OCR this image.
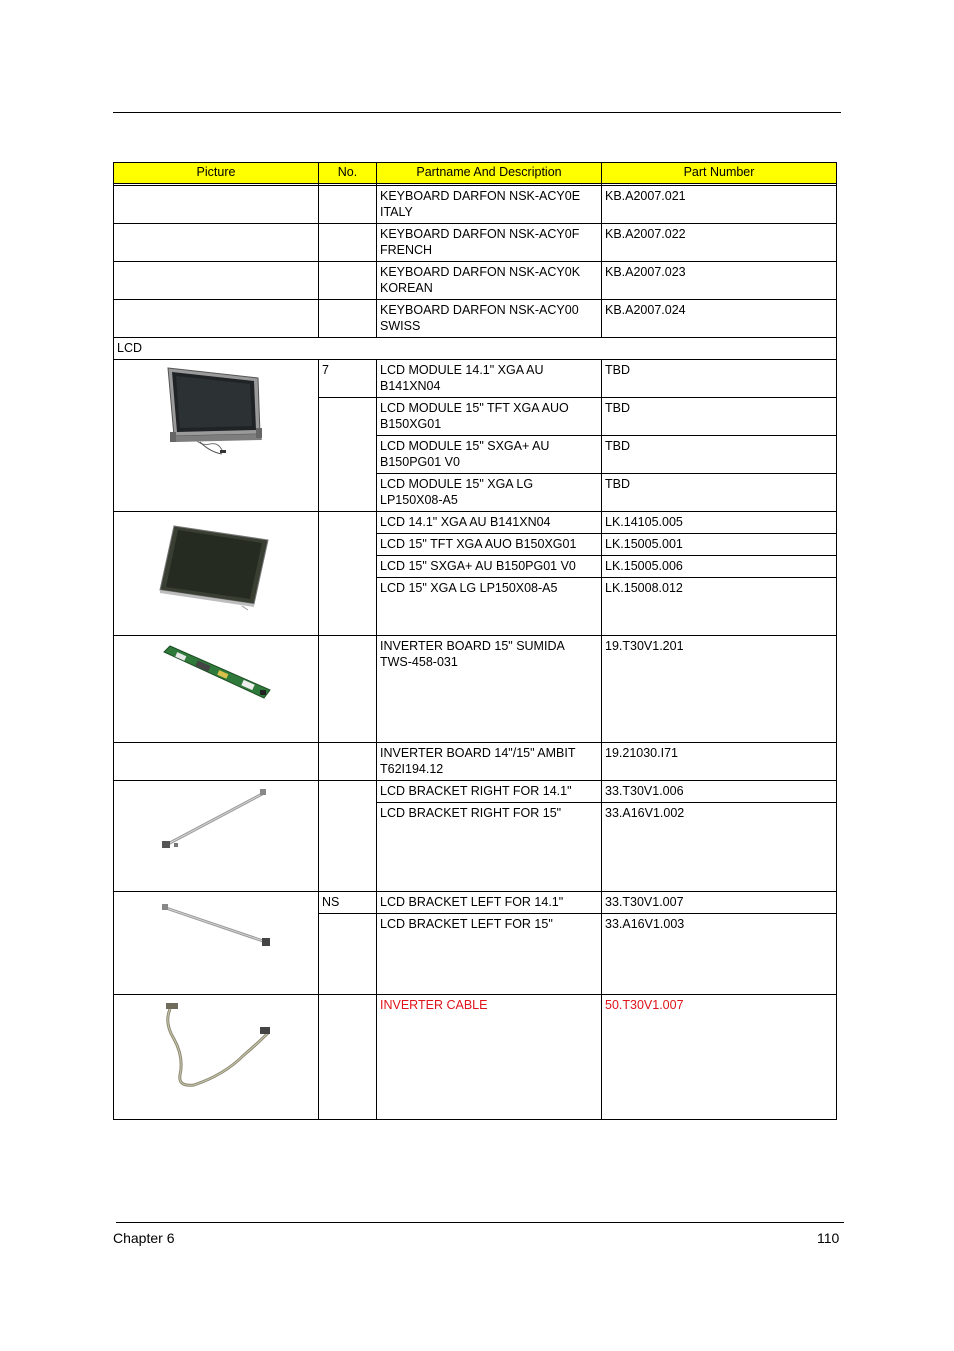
Picture	No.	Partname And Description	Part Number

		KEYBOARD DARFON NSK-ACY0E ITALY	KB.A2007.021
		KEYBOARD DARFON NSK-ACY0F FRENCH	KB.A2007.022
		KEYBOARD DARFON NSK-ACY0K KOREAN	KB.A2007.023
		KEYBOARD DARFON NSK-ACY00 SWISS	KB.A2007.024
LCD			

	7	LCD MODULE 14.1" XGA AU B141XN04	TBD
		LCD MODULE 15" TFT XGA AUO B150XG01	TBD
		LCD MODULE 15" SXGA+ AU B150PG01 V0	TBD
		LCD MODULE 15" XGA LG LP150X08-A5	TBD

		LCD 14.1" XGA AU B141XN04	LK.14105.005
		LCD 15" TFT XGA AUO B150XG01	LK.15005.001
		LCD 15" SXGA+ AU B150PG01 V0	LK.15005.006
		LCD 15" XGA LG LP150X08-A5	LK.15008.012

		INVERTER BOARD 15" SUMIDA TWS-458-031	19.T30V1.201
		INVERTER BOARD 14"/15" AMBIT T62I194.12	19.21030.I71

		LCD BRACKET RIGHT FOR 14.1"	33.T30V1.006
		LCD BRACKET RIGHT FOR 15"	33.A16V1.002

	NS	LCD BRACKET LEFT FOR 14.1"	33.T30V1.007
		LCD BRACKET LEFT FOR 15"	33.A16V1.003

		INVERTER CABLE	50.T30V1.007
Chapter 6	110
